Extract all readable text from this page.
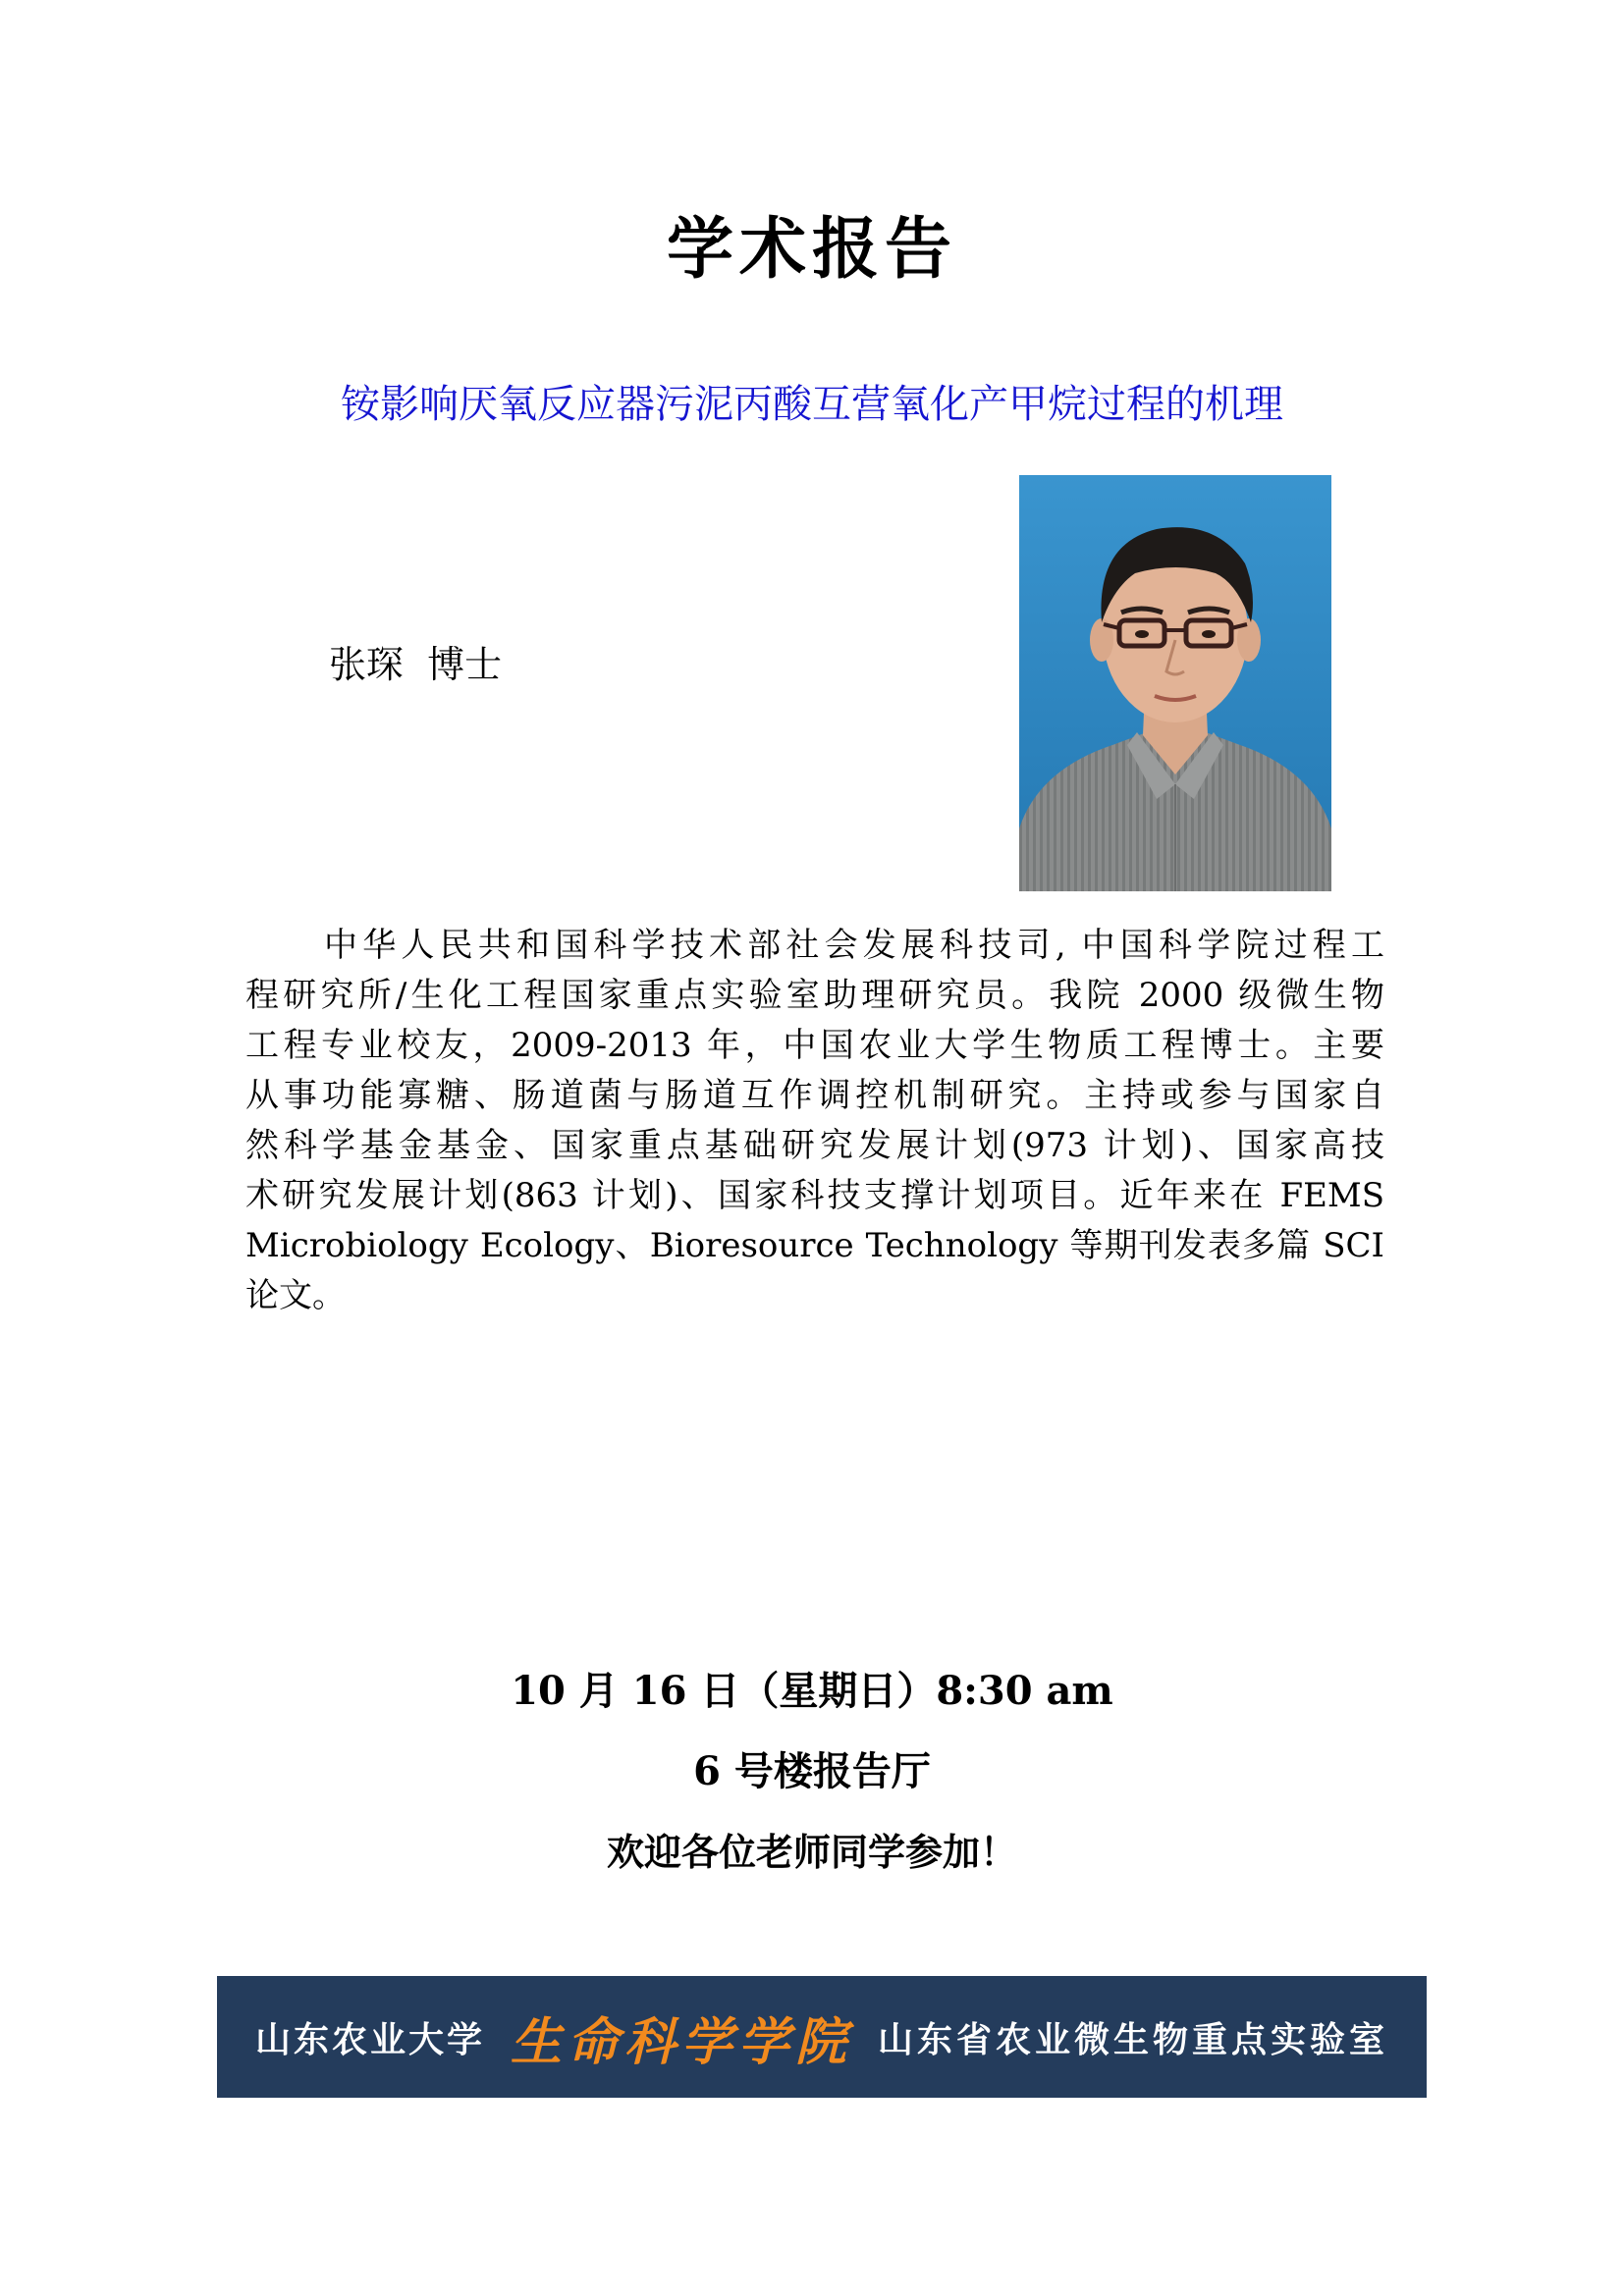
学术报告
铵影响厌氧反应器污泥丙酸互营氧化产甲烷过程的机理
张琛  博士
中华人民共和国科学技术部社会发展科技司, 中国科学院过程工
程研究所/生化工程国家重点实验室助理研究员。我院 2000 级微生物
工程专业校友，2009-2013 年，中国农业大学生物质工程博士。主要
从事功能寡糖、肠道菌与肠道互作调控机制研究。主持或参与国家自
然科学基金基金、国家重点基础研究发展计划(973 计划)、国家高技
术研究发展计划(863 计划)、国家科技支撑计划项目。近年来在 FEMS
Microbiology Ecology、Bioresource Technology 等期刊发表多篇 SCI
论文。
10 月 16 日（星期日）8:30 am
6 号楼报告厅
欢迎各位老师同学参加！
山东农业大学 生命科学学院 山东省农业微生物重点实验室
